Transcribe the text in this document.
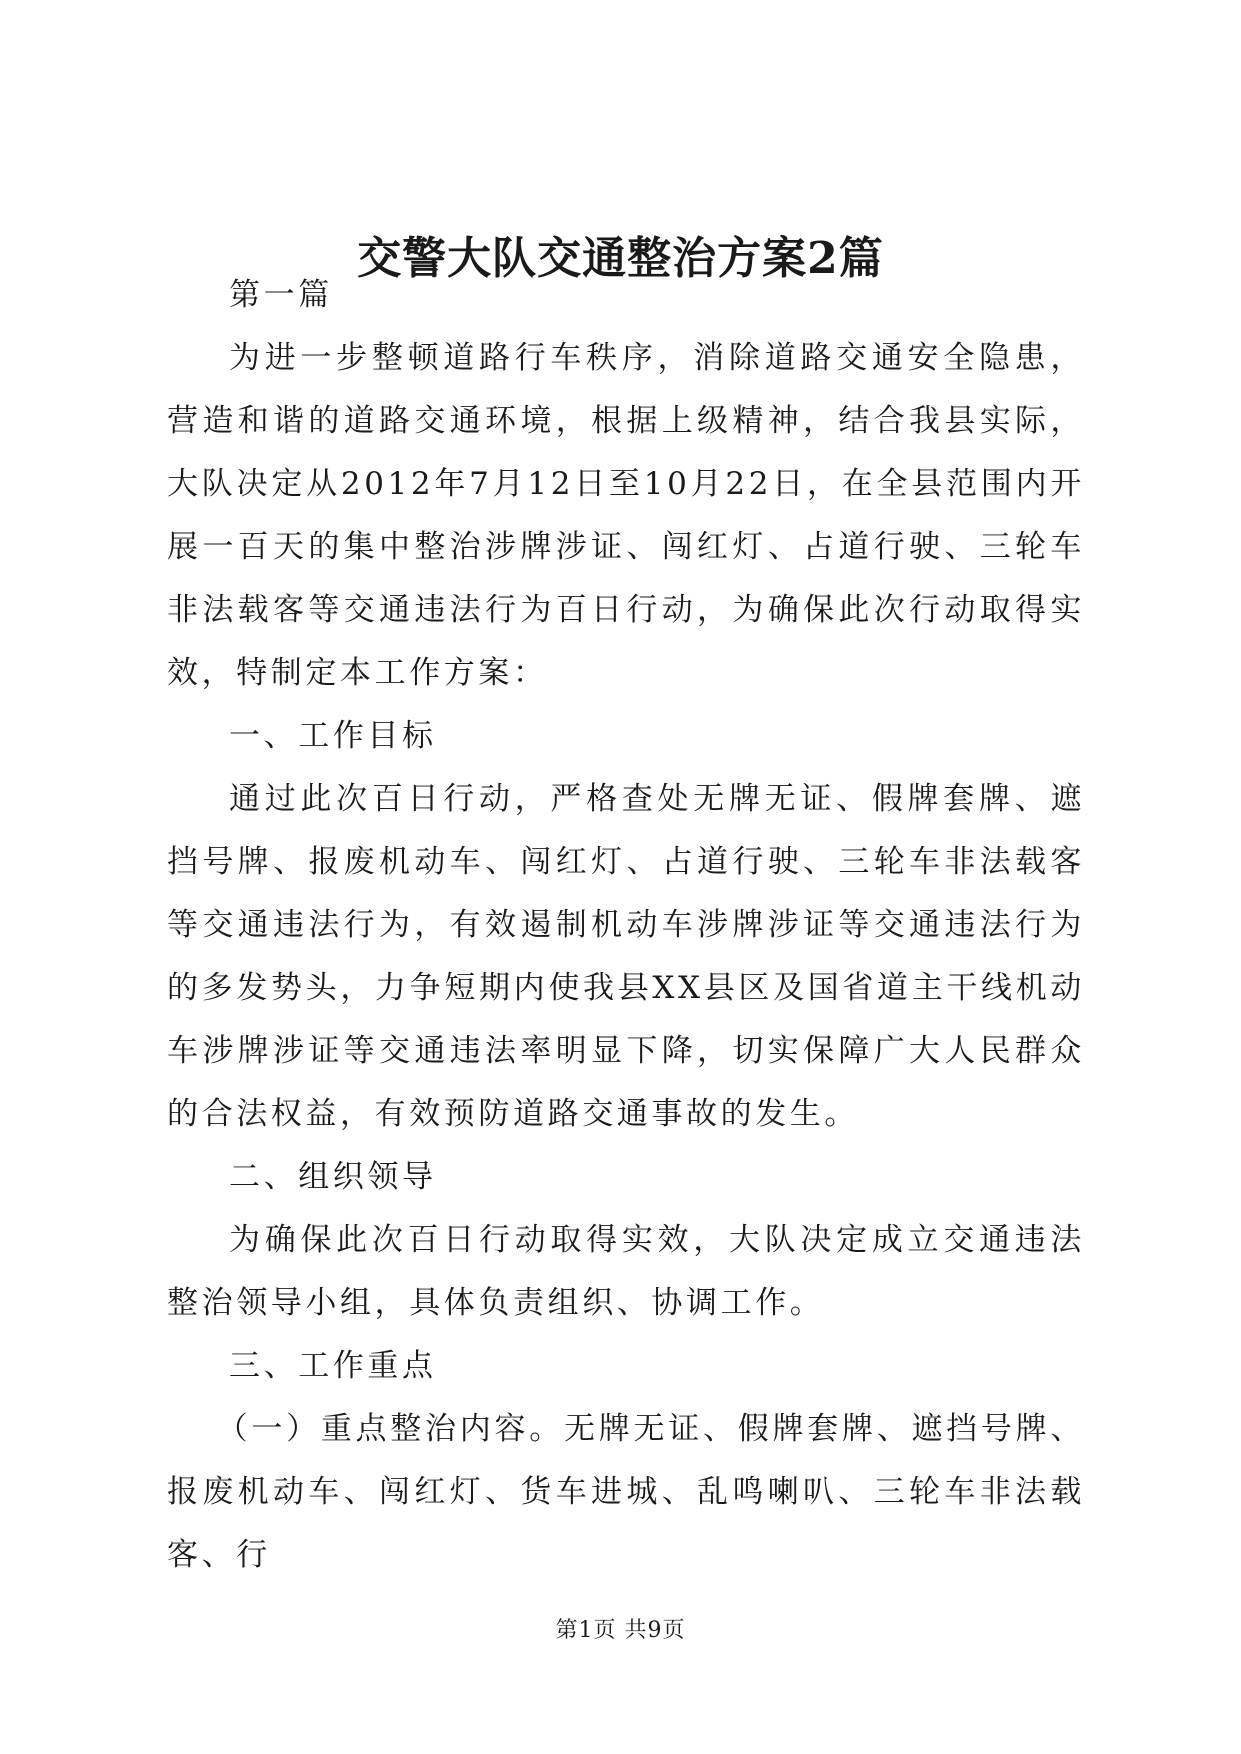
交警大队交通整治方案2篇

第一篇

为进一步整顿道路行车秩序，消除道路交通安全隐患，营造和谐的道路交通环境，根据上级精神，结合我县实际，大队决定从2012年7月12日至10月22日，在全县范围内开展一百天的集中整治涉牌涉证、闯红灯、占道行驶、三轮车非法载客等交通违法行为百日行动，为确保此次行动取得实效，特制定本工作方案：

一、工作目标

通过此次百日行动，严格查处无牌无证、假牌套牌、遮挡号牌、报废机动车、闯红灯、占道行驶、三轮车非法载客等交通违法行为，有效遏制机动车涉牌涉证等交通违法行为的多发势头，力争短期内使我县XX县区及国省道主干线机动车涉牌涉证等交通违法率明显下降，切实保障广大人民群众的合法权益，有效预防道路交通事故的发生。

二、组织领导

为确保此次百日行动取得实效，大队决定成立交通违法整治领导小组，具体负责组织、协调工作。

三、工作重点

（一）重点整治内容。无牌无证、假牌套牌、遮挡号牌、报废机动车、闯红灯、货车进城、乱鸣喇叭、三轮车非法载客、行

第1页 共9页
